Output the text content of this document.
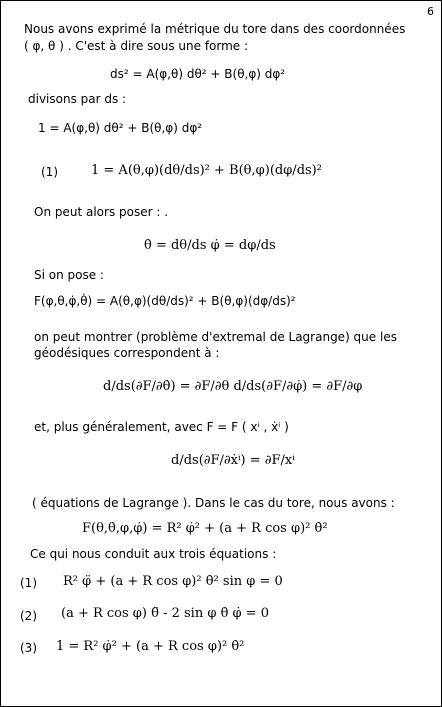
6
Nous avons exprimé la métrique du tore dans des coordonnées
( φ, θ ) . C'est à dire sous une forme :
ds² = A(φ,θ) dθ² + B(θ,φ) dφ²
divisons par ds :
1 = A(φ,θ) dθ² + B(θ,φ) dφ²
(1)	1 = A(θ,φ)(dθ/ds)² + B(θ,φ)(dφ/ds)²
On peut alors poser : .
θ̇ = dθ/ds φ̇ = dφ/ds
Si on pose :
F(φ,θ,φ̇,θ̇) = A(θ,φ)(dθ/ds)² + B(θ,φ)(dφ/ds)²
on peut montrer (problème d'extremal de Lagrange) que les
géodésiques correspondent à :
d/ds(∂F/∂θ̇) = ∂F/∂θ d/ds(∂F/∂φ̇) = ∂F/∂φ
et, plus généralement, avec F = F ( xⁱ , ẋⁱ )
d/ds(∂F/∂ẋⁱ) = ∂F/xⁱ
( équations de Lagrange ). Dans le cas du tore, nous avons :
F(θ,θ̇,φ,φ̇) = R² φ̇² + (a + R cos φ)² θ̇²
Ce qui nous conduit aux trois équations :
(1) R² φ̈ + (a + R cos φ)² θ̇² sin φ = 0
(2) (a + R cos φ) θ̈ - 2 sin φ θ̇ φ̇ = 0
(3) 1 = R² φ̇² + (a + R cos φ)² θ̇²
